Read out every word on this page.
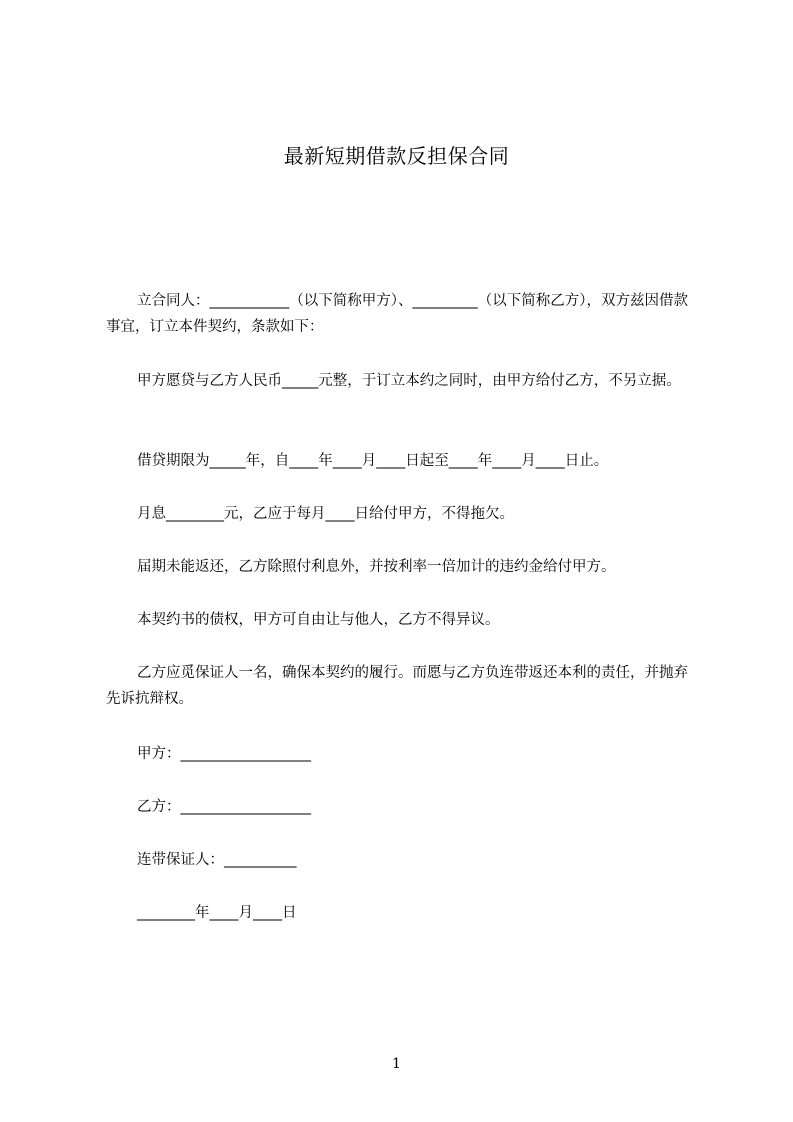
最新短期借款反担保合同

立合同人：___________（以下简称甲方）、_________（以下简称乙方），双方兹因借款事宜，订立本件契约，条款如下：

甲方愿贷与乙方人民币_____元整，于订立本约之同时，由甲方给付乙方，不另立据。

借贷期限为_____年，自____年____月____日起至____年____月____日止。
月息________元，乙应于每月____日给付甲方，不得拖欠。
届期未能返还，乙方除照付利息外，并按利率一倍加计的违约金给付甲方。
本契约书的债权，甲方可自由让与他人，乙方不得异议。

乙方应觅保证人一名，确保本契约的履行。而愿与乙方负连带返还本利的责任，并抛弃先诉抗辩权。

甲方：__________________
乙方：__________________
连带保证人：__________
________年____月____日
1
